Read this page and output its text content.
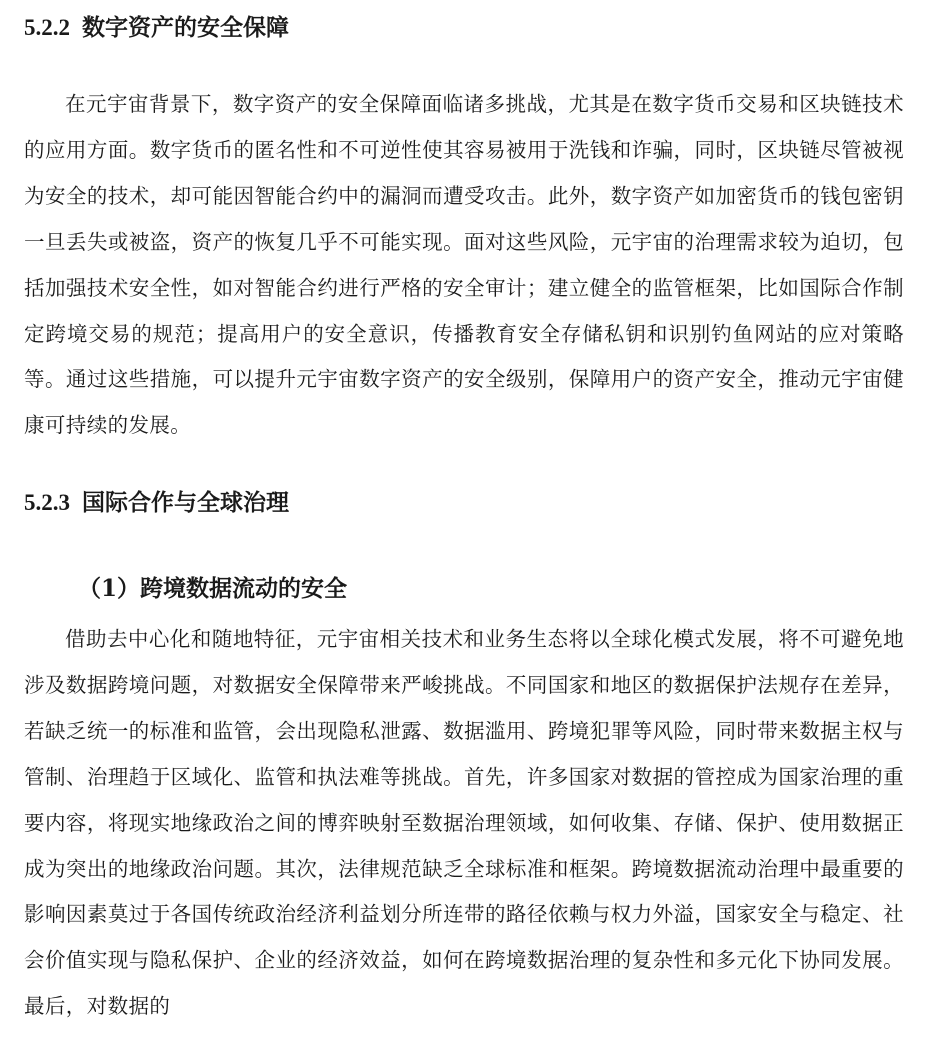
5.2.2 数字资产的安全保障

在元宇宙背景下，数字资产的安全保障面临诸多挑战，尤其是在数字货币交易和区块链技术的应用方面。数字货币的匿名性和不可逆性使其容易被用于洗钱和诈骗，同时，区块链尽管被视为安全的技术，却可能因智能合约中的漏洞而遭受攻击。此外，数字资产如加密货币的钱包密钥一旦丢失或被盗，资产的恢复几乎不可能实现。面对这些风险，元宇宙的治理需求较为迫切，包括加强技术安全性，如对智能合约进行严格的安全审计；建立健全的监管框架，比如国际合作制定跨境交易的规范；提高用户的安全意识，传播教育安全存储私钥和识别钓鱼网站的应对策略等。通过这些措施，可以提升元宇宙数字资产的安全级别，保障用户的资产安全，推动元宇宙健康可持续的发展。

5.2.3 国际合作与全球治理
（1）跨境数据流动的安全

借助去中心化和随地特征，元宇宙相关技术和业务生态将以全球化模式发展，将不可避免地涉及数据跨境问题，对数据安全保障带来严峻挑战。不同国家和地区的数据保护法规存在差异，若缺乏统一的标准和监管，会出现隐私泄露、数据滥用、跨境犯罪等风险，同时带来数据主权与管制、治理趋于区域化、监管和执法难等挑战。首先，许多国家对数据的管控成为国家治理的重要内容，将现实地缘政治之间的博弈映射至数据治理领域，如何收集、存储、保护、使用数据正成为突出的地缘政治问题。其次，法律规范缺乏全球标准和框架。跨境数据流动治理中最重要的影响因素莫过于各国传统政治经济利益划分所连带的路径依赖与权力外溢，国家安全与稳定、社会价值实现与隐私保护、企业的经济效益，如何在跨境数据治理的复杂性和多元化下协同发展。最后，对数据的
